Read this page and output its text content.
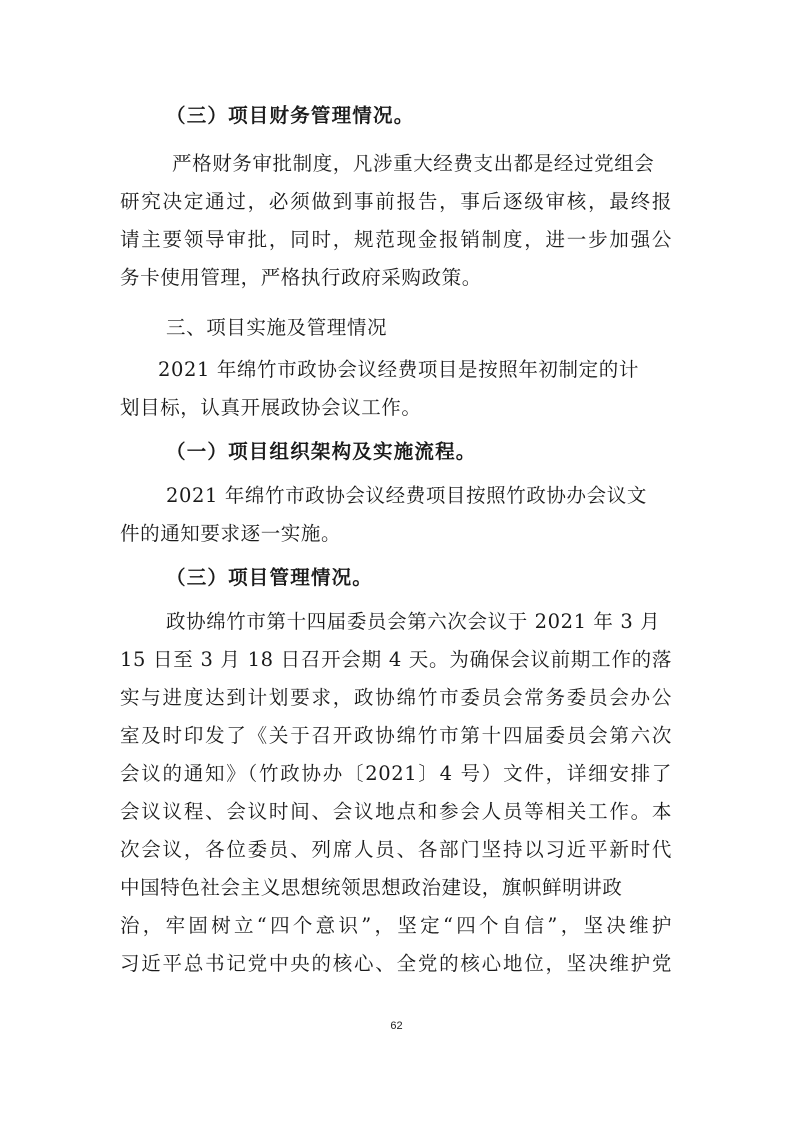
（三）项目财务管理情况。
严格财务审批制度，凡涉重大经费支出都是经过党组会
研究决定通过，必须做到事前报告，事后逐级审核，最终报
请主要领导审批，同时，规范现金报销制度，进一步加强公
务卡使用管理，严格执行政府采购政策。
三、项目实施及管理情况
2021 年绵竹市政协会议经费项目是按照年初制定的计
划目标，认真开展政协会议工作。
（一）项目组织架构及实施流程。
2021 年绵竹市政协会议经费项目按照竹政协办会议文
件的通知要求逐一实施。
（三）项目管理情况。
政协绵竹市第十四届委员会第六次会议于 2021 年 3 月
15 日至 3 月 18 日召开会期 4 天。为确保会议前期工作的落
实与进度达到计划要求，政协绵竹市委员会常务委员会办公
室及时印发了《关于召开政协绵竹市第十四届委员会第六次
会议的通知》（竹政协办〔2021〕4 号）文件，详细安排了
会议议程、会议时间、会议地点和参会人员等相关工作。本
次会议，各位委员、列席人员、各部门坚持以习近平新时代
中国特色社会主义思想统领思想政治建设，旗帜鲜明讲政
治，牢固树立“四个意识”，坚定“四个自信”，坚决维护
习近平总书记党中央的核心、全党的核心地位，坚决维护党
62
